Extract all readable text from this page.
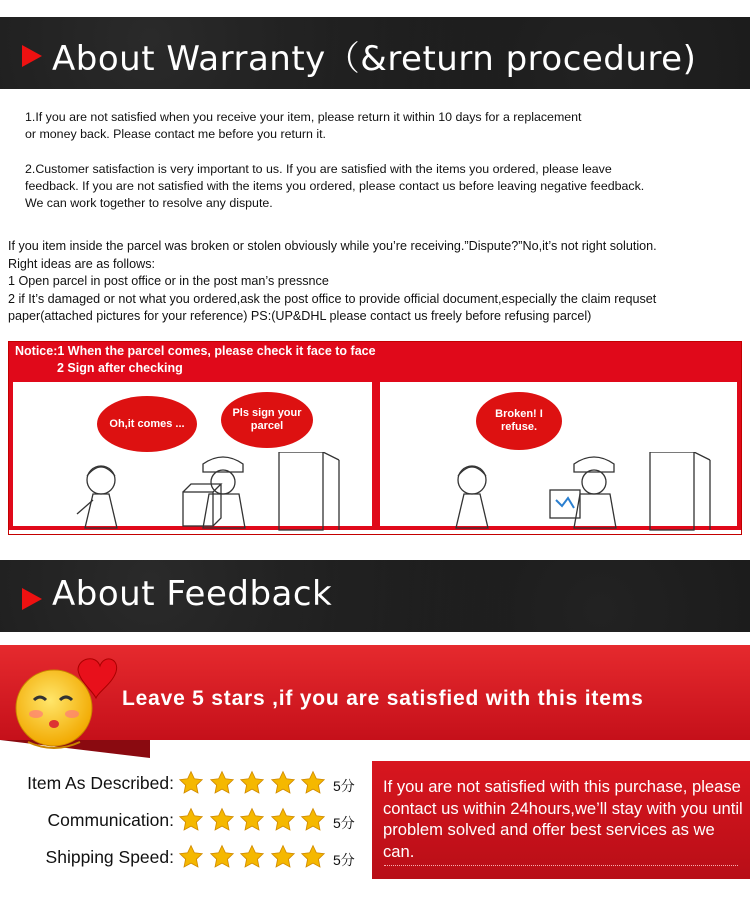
About Warranty（&return procedure)

1.If you are not satisfied when you receive your item, please return it within 10 days for a replacement

or money back. Please contact me before you return it.

2.Customer satisfaction is very important to us. If you are satisfied with the items you ordered, please leave

feedback. If you are not satisfied with the items you ordered, please contact us before leaving negative feedback.

We can work together to resolve any dispute.

If you item inside the parcel was broken or stolen obviously while you’re receiving.”Dispute?”No,it’s not right solution.

Right ideas are as follows:

1 Open parcel in post office or in the post man’s pressnce

2 if It’s damaged or not what you ordered,ask the post office to provide official document,especially the claim requset

paper(attached pictures for your reference) PS:(UP&DHL please contact us freely before refusing parcel)

Notice:1 When the parcel comes, please check it face to face
2 Sign after checking
Oh,it comes ...
Pls sign your parcel
Broken! I refuse.
About Feedback
Leave 5 stars ,if you are satisfied with this items
Item As Described:	5分
Communication:	5分
Shipping Speed:	5分
If you are not satisfied with this purchase, please contact us within 24hours,we’ll stay with you until problem solved and offer best services as we can.
